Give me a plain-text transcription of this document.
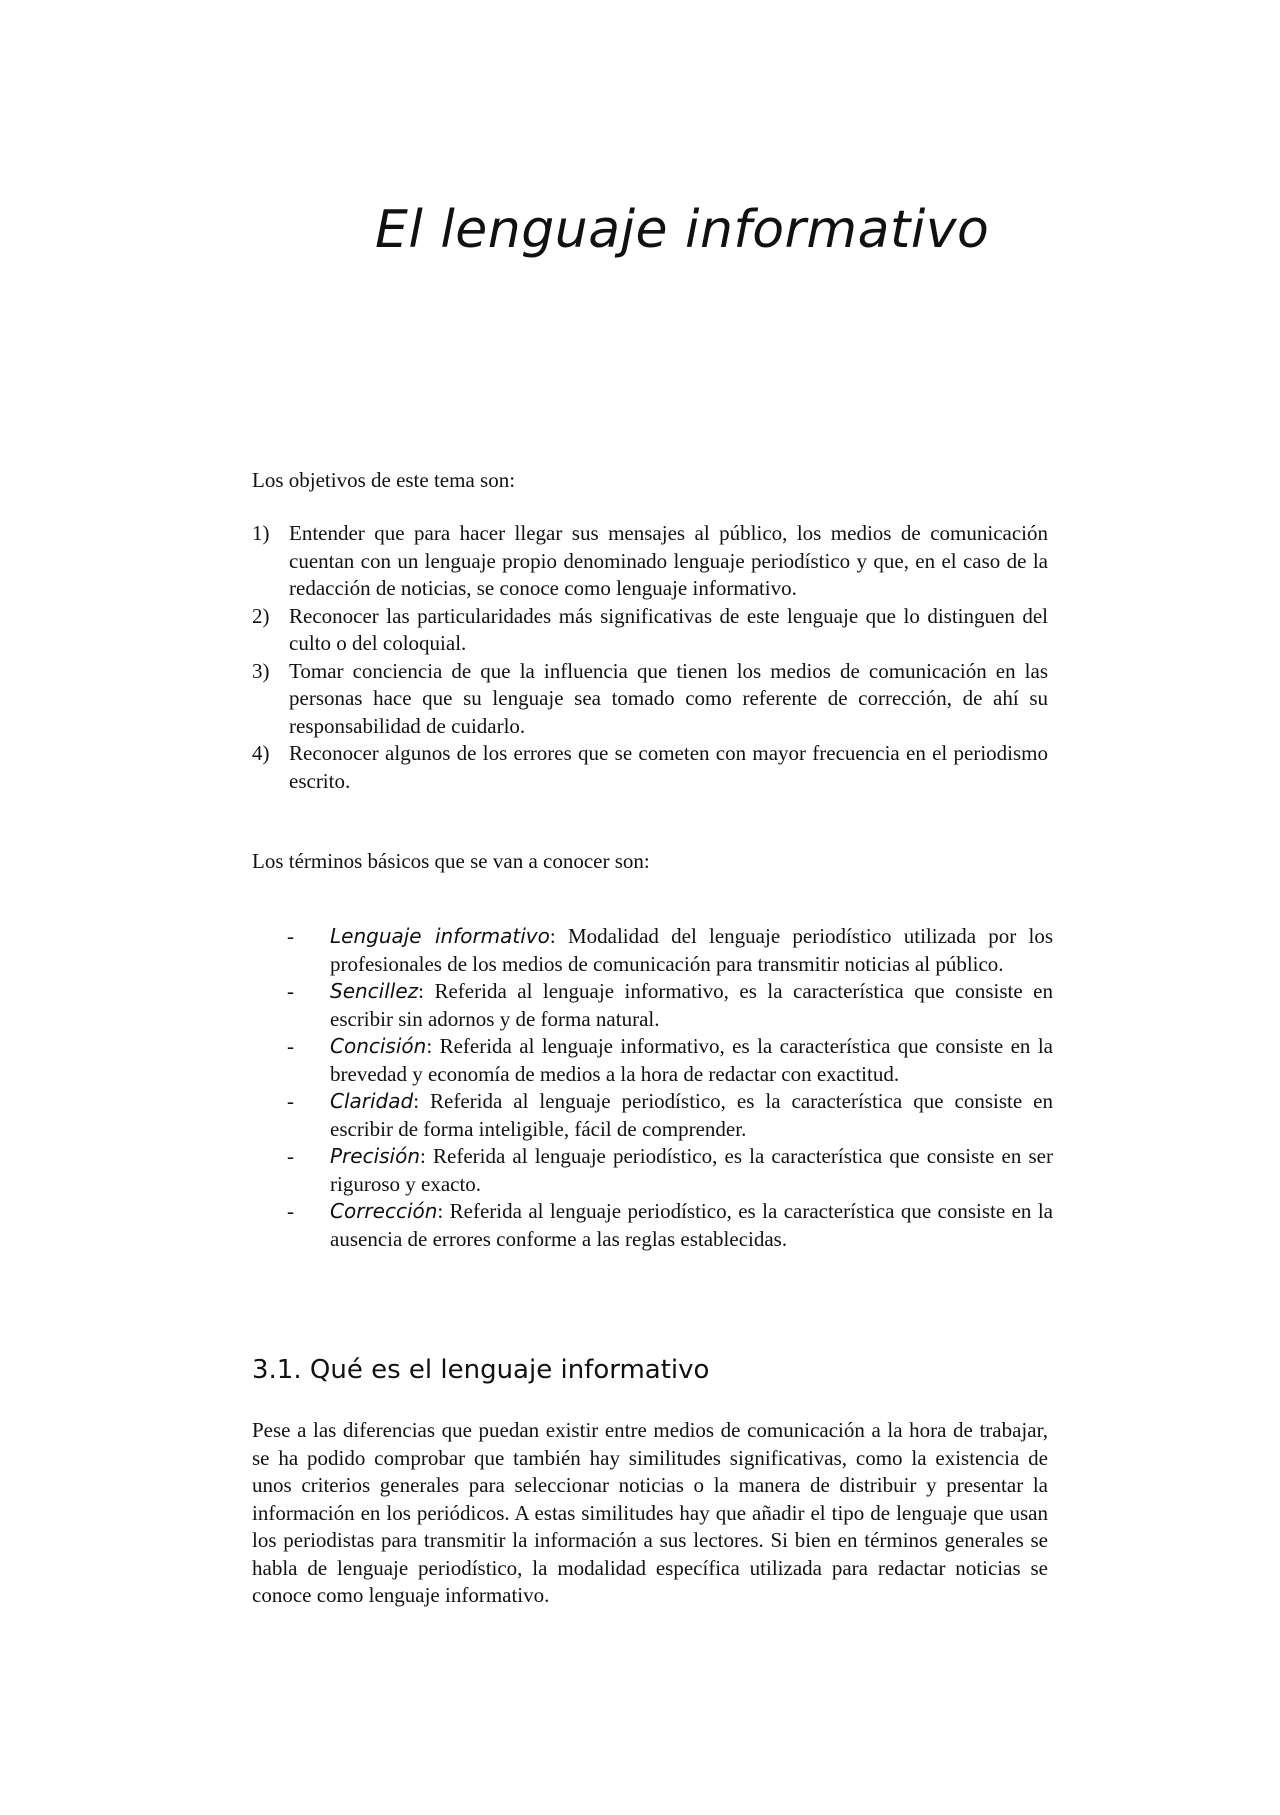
El lenguaje informativo
Los objetivos de este tema son:
1) Entender que para hacer llegar sus mensajes al público, los medios de comunicación cuentan con un lenguaje propio denominado lenguaje periodístico y que, en el caso de la redacción de noticias, se conoce como lenguaje informativo.
2) Reconocer las particularidades más significativas de este lenguaje que lo distinguen del culto o del coloquial.
3) Tomar conciencia de que la influencia que tienen los medios de comunicación en las personas hace que su lenguaje sea tomado como referente de corrección, de ahí su responsabilidad de cuidarlo.
4) Reconocer algunos de los errores que se cometen con mayor frecuencia en el periodismo escrito.
Los términos básicos que se van a conocer son:
- Lenguaje informativo: Modalidad del lenguaje periodístico utilizada por los profesionales de los medios de comunicación para transmitir noticias al público.
- Sencillez: Referida al lenguaje informativo, es la característica que consiste en escribir sin adornos y de forma natural.
- Concisión: Referida al lenguaje informativo, es la característica que consiste en la brevedad y economía de medios a la hora de redactar con exactitud.
- Claridad: Referida al lenguaje periodístico, es la característica que consiste en escribir de forma inteligible, fácil de comprender.
- Precisión: Referida al lenguaje periodístico, es la característica que consiste en ser riguroso y exacto.
- Corrección: Referida al lenguaje periodístico, es la característica que consiste en la ausencia de errores conforme a las reglas establecidas.
3.1. Qué es el lenguaje informativo

Pese a las diferencias que puedan existir entre medios de comunicación a la hora de trabajar, se ha podido comprobar que también hay similitudes significativas, como la existencia de unos criterios generales para seleccionar noticias o la manera de distribuir y presentar la información en los periódicos. A estas similitudes hay que añadir el tipo de lenguaje que usan los periodistas para transmitir la información a sus lectores. Si bien en términos generales se habla de lenguaje periodístico, la modalidad específica utilizada para redactar noticias se conoce como lenguaje informativo.
